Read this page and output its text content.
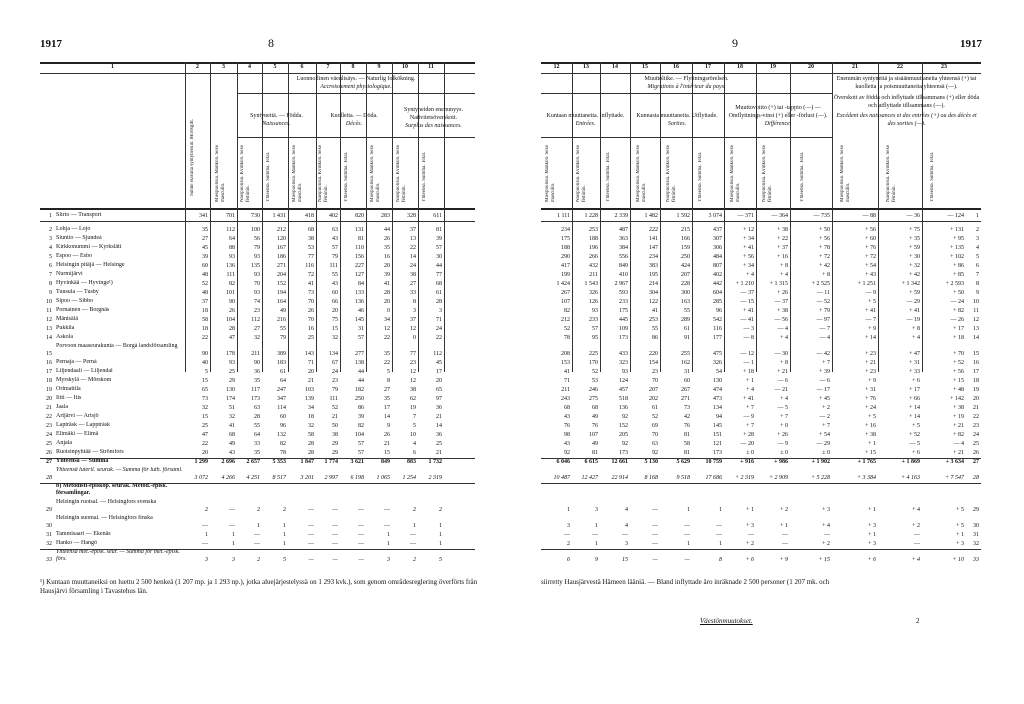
1917	8	9	1917
1	2	3	4	5	6	7	8	9	10	11
Luonnollinen väenlisäys. — Naturlig folkökning.
Accroissement physiologique.
Syntyneitä. — Födda.
Naissances.
Kuolleita. — Döda.
Décès.
Syntyneiden enemmyys. Nativitetsöverskott.
Surplus des naissances.
Suhde elävänä syntyneisiin. Mortsgift.	Miespuolisia. Mankön. Sexe masculin.	Naispuolisia. Kvinkön. Sexe féminin.	Yhteensä. Summa. Total.	Miespuolisia. Mankön. Sexe masculin.	Naispuolisia. Kvinkön. Sexe féminin.	Yhteensä. Summa. Total.	Miespuolisia. Mankön. Sexe masculin.	Naispuolisia. Kvinkön. Sexe féminin.	Yhteensä. Summa. Total.
12	13	14	15	16	17	18	19	20	21	22	23
Muuttoliike. — Flyttningsrörelsen.
Migrations à l'intérieur du pays.
Kuntaan muuttaneita. Inflyttade.
Entrées.
Kunnasta muuttaneita. Utflyttade.
Sorties.
Muuttovoitto (+) tai -tappio (—) — Omflyttnings-vinst (+) eller -förlust (—).
Différence.
Enemmän syntyneitä ja sisäänmuuttaneita yhteensä (+) tai kuolleita ja poismuuttaneita yhteensä (—).
Överskott av födda och inflyttade tillsammans (+) eller döda och utflyttade tillsammans (—).
Excédent des naissances et des entrées (+) ou des décès et des sorties (—).
Miespuolisia. Mankön. Sexe masculin.	Naispuolisia. Kvinkön. Sexe féminin.	Yhteensä. Summa. Total.	Miespuolisia. Mankön. Sexe masculin.	Naispuolisia. Kvinkön. Sexe féminin.	Yhteensä. Summa. Total.	Miespuolisia. Mankön. Sexe masculin.	Naispuolisia. Kvinkön. Sexe féminin.	Yhteensä. Summa. Total.	Miespuolisia. Mankön. Sexe masculin.	Naispuolisia. Kvinkön. Sexe féminin.	Yhteensä. Summa. Total.
1 Siirto — Transport	341	701	730	1 431	418	402	820	283	328	611	1 111	1 228	2 339	1 482	1 592	3 074	— 371	— 364	— 735	— 88	— 36	— 124	1
2 Lohja — Lojo	35	112	100	212	68	63	131	44	37	81	234	253	487	222	215	437	+ 12	+ 38	+ 50	+ 56	+ 75	+ 131	2
3 Siuntio — Sjundeå	27	64	56	120	38	43	81	26	13	39	175	188	363	141	166	307	+ 34	+ 22	+ 56	+ 60	+ 35	+ 95	3
4 Kirkkonummi — Kyrkslätt	45	88	79	167	53	57	110	35	22	57	188	196	384	147	159	306	+ 41	+ 37	+ 78	+ 76	+ 59	+ 135	4
5 Espoo — Esbo	39	93	93	186	77	79	156	16	14	30	290	266	556	234	250	484	+ 56	+ 16	+ 72	+ 72	+ 30	+ 102	5
6 Helsingin pitäjä — Helsinge	60	136	135	271	116	111	227	20	24	44	417	432	849	383	424	807	+ 34	+ 8	+ 42	+ 54	+ 32	+ 86	6
7 Nurmijärvi	48	111	93	204	72	55	127	39	38	77	199	211	410	195	207	402	+ 4	+ 4	+ 8	+ 43	+ 42	+ 85	7
8 Hyvinkää — Hyvinge¹)	52	82	70	152	41	43	84	41	27	68	1 424	1 543	2 967	214	228	442	+ 1 210	+ 1 315	+ 2 525	+ 1 251	+ 1 342	+ 2 593	8
9 Tuusula — Tusby	48	101	93	194	73	60	133	28	33	61	267	326	593	304	300	604	— 37	+ 26	— 11	— 9	+ 59	+ 50	9
10 Sipoo — Sibbo	37	90	74	164	70	66	136	20	8	28	107	126	233	122	163	285	— 15	— 37	— 52	+ 5	— 29	— 24	10
11 Pornainen — Borgnäs	18	26	23	49	26	20	46	0	3	3	82	93	175	41	55	96	+ 41	+ 38	+ 79	+ 41	+ 41	+ 82	11
12 Mäntsälä	58	104	112	216	70	75	145	34	37	71	212	233	445	253	289	542	— 41	— 56	— 97	— 7	— 19	— 26	12
13 Pukkila	18	28	27	55	16	15	31	12	12	24	52	57	109	55	61	116	— 3	— 4	— 7	+ 9	+ 8	+ 17	13
14 Askola	22	47	32	79	25	32	57	22	0	22	78	95	173	86	91	177	— 8	+ 4	— 4	+ 14	+ 4	+ 18	14
15
Porvoon maaseurakunta — Borgå landsförsamling
90	178	211	389	143	134	277	35	77	112	208	225	433	220	255	475	— 12	— 30	— 42	+ 23	+ 47	+ 70	15
16 Pernaja — Pernå	40	93	90	183	71	67	138	22	23	45	153	170	323	154	162	326	— 1	+ 8	+ 7	+ 21	+ 31	+ 52	16
17 Liljendaali — Liljendal	5	25	36	61	20	24	44	5	12	17	41	52	93	23	31	54	+ 18	+ 21	+ 39	+ 23	+ 33	+ 56	17
18 Myrskylä — Mörskom	15	29	35	64	21	23	44	8	12	20	71	53	124	70	60	130	+ 1	— 6	— 6	+ 9	+ 6	+ 15	18
19 Orimattila	65	130	117	247	103	79	182	27	38	65	211	246	457	207	267	474	+ 4	— 21	— 17	+ 31	+ 17	+ 48	19
20 Iitti — Itis	73	174	173	347	139	111	250	35	62	97	243	275	518	202	271	473	+ 41	+ 4	+ 45	+ 76	+ 66	+ 142	20
21 Jaala	32	51	63	114	34	52	86	17	19	36	68	68	136	61	73	134	+ 7	— 5	+ 2	+ 24	+ 14	+ 38	21
22 Artjärvi — Artsjö	15	32	28	60	18	21	39	14	7	21	43	49	92	52	42	94	— 9	+ 7	— 2	+ 5	+ 14	+ 19	22
23 Lapträsk — Lapptråsk	25	41	55	96	32	50	82	9	5	14	76	76	152	69	76	145	+ 7	+ 0	+ 7	+ 16	+ 5	+ 21	23
24 Elimäki — Elimä	47	68	64	132	58	38	104	26	10	36	98	107	205	70	81	151	+ 28	+ 26	+ 54	+ 38	+ 52	+ 82	24
25 Anjala	22	49	33	82	28	29	57	21	4	25	43	49	92	63	58	121	— 20	— 9	— 29	+ 1	— 5	— 4	25
26 Ruotsinpyhtää — Strömfors	20	43	35	78	28	29	57	15	6	21	92	81	173	92	81	173	± 0	± 0	± 0	+ 15	+ 6	+ 21	26
27 Yhteensä — Summa	1 299	2 696	2 657	5 353	1 847	1 774	3 621	849	883	1 732	6 046	6 615	12 661	5 130	5 629	10 759	+ 916	+ 986	+ 1 902	+ 1 765	+ 1 869	+ 3 634	27
28
Yhteensä luteril. seurak. — Summa för luth. församl.
3 072	4 266	4 251	8 517	3 201	2 997	6 198	1 065	1 254	2 319	10 487	12 427	22 914	8 168	9 518	17 686	+ 2 319	+ 2 909	+ 5 228	+ 3 384	+ 4 163	+ 7 547	28
b) Metodisti-episkop. seurak. Metod.-episk. församlingar.
29
Helsingin ruotsal. — Helsingfors svenska
2	—	2	2	—	—	—	—	2	2	1	3	4	—	1	1	+ 1	+ 2	+ 3	+ 1	+ 4	+ 5	29
30
Helsingin suomal. — Helsingfors finska
—	—	1	1	—	—	—	—	1	1	3	1	4	—	—	—	+ 3	+ 1	+ 4	+ 3	+ 2	+ 5	30
31 Tammisaari — Ekenäs	1	1	—	1	—	—	—	1	—	1	—	—	—	—	—	—	—	—	—	+ 1	—	+ 1	31
32 Hanko — Hangö	—	1	—	1	—	—	—	1	—	1	2	1	3	—	1	1	+ 2	—	+ 2	+ 3	—	+ 3	32
33
Yhteensä met.-episk. seur. — Summa för met.-episk. förs.	3	3	2	5	—	—	—	3	2	5	6	9	15	—	—	8	+ 6	+ 9	+ 15	+ 6	+ 4	+ 10	33
¹) Kuntaan muuttaneiksi on luettu 2 500 henkeä (1 207 mp. ja 1 293 np.), jotka aluejärjestelyssä on 1 293 kvk.), som genom områdesreglering överförts från Hausjärvi församling i Tavastehus län.
siirretty Hausjärvestä Hämeen lääniä. — Bland inflyttade äro inräknade 2 500 personer (1 207 mk. och
Väestönmuutokset.	2
